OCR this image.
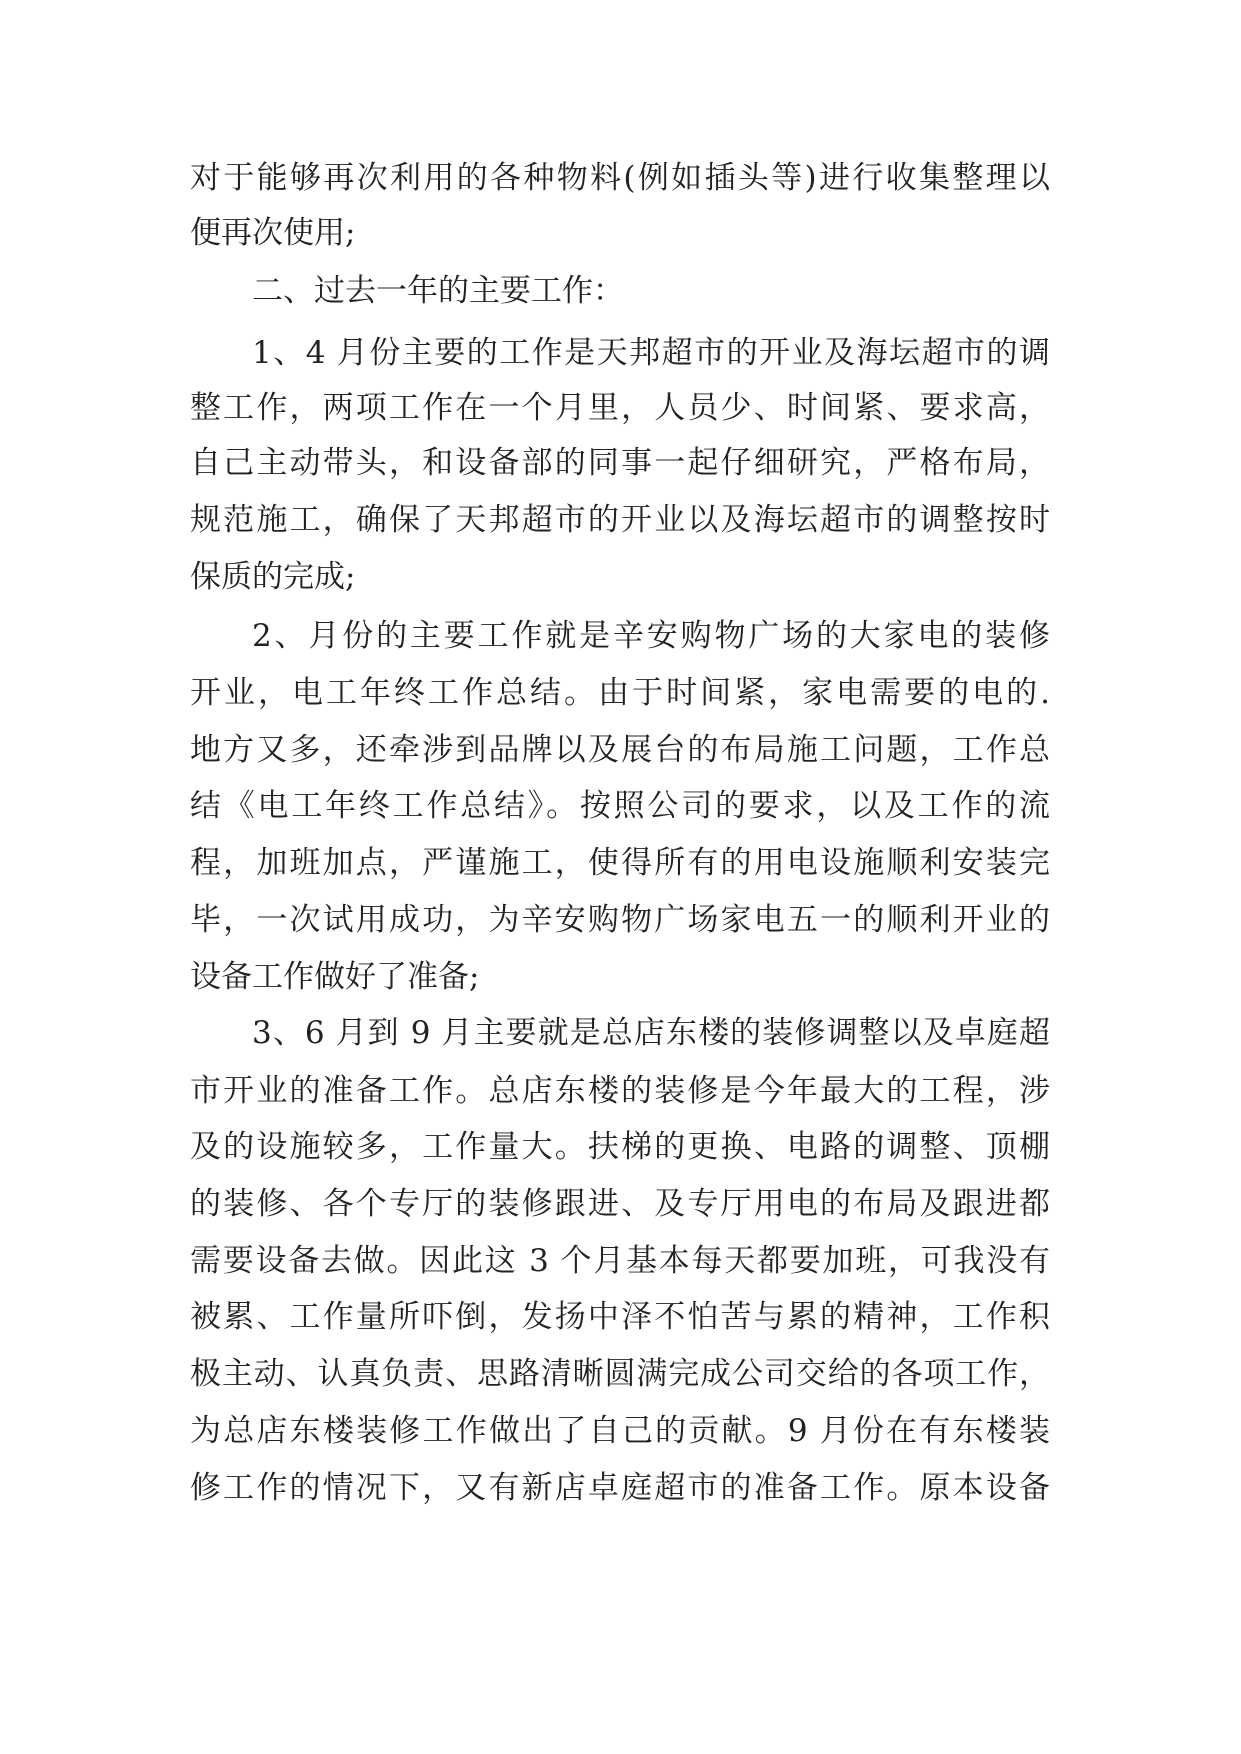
对于能够再次利用的各种物料(例如插头等)进行收集整理以
便再次使用;
二、过去一年的主要工作：
1、4 月份主要的工作是天邦超市的开业及海坛超市的调
整工作，两项工作在一个月里，人员少、时间紧、要求高，
自己主动带头，和设备部的同事一起仔细研究，严格布局，
规范施工，确保了天邦超市的开业以及海坛超市的调整按时
保质的完成;
2、月份的主要工作就是辛安购物广场的大家电的装修
开业，电工年终工作总结。由于时间紧，家电需要的电的.
地方又多，还牵涉到品牌以及展台的布局施工问题，工作总
结《电工年终工作总结》。按照公司的要求，以及工作的流
程，加班加点，严谨施工，使得所有的用电设施顺利安装完
毕，一次试用成功，为辛安购物广场家电五一的顺利开业的
设备工作做好了准备;
3、6 月到 9 月主要就是总店东楼的装修调整以及卓庭超
市开业的准备工作。总店东楼的装修是今年最大的工程，涉
及的设施较多，工作量大。扶梯的更换、电路的调整、顶棚
的装修、各个专厅的装修跟进、及专厅用电的布局及跟进都
需要设备去做。因此这 3 个月基本每天都要加班，可我没有
被累、工作量所吓倒，发扬中泽不怕苦与累的精神，工作积
极主动、认真负责、思路清晰圆满完成公司交给的各项工作，
为总店东楼装修工作做出了自己的贡献。9 月份在有东楼装
修工作的情况下，又有新店卓庭超市的准备工作。原本设备
